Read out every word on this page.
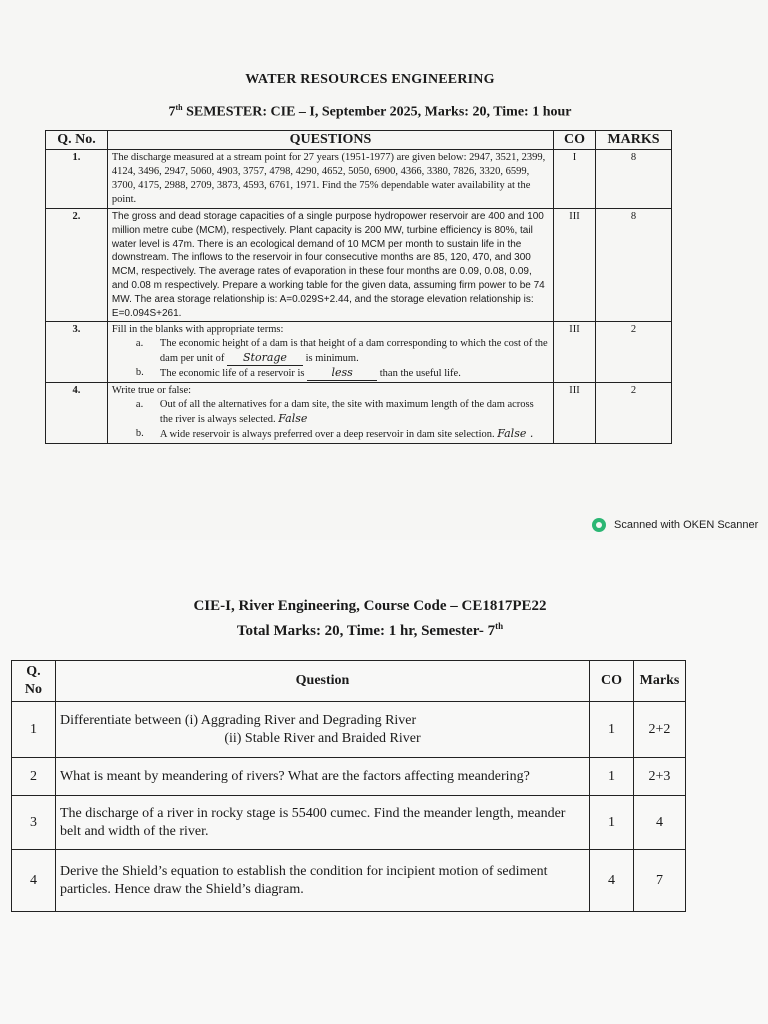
WATER RESOURCES ENGINEERING
7th SEMESTER: CIE – I, September 2025, Marks: 20, Time: 1 hour
Q. No.	QUESTIONS	CO	MARKS
1.	The discharge measured at a stream point for 27 years (1951-1977) are given below: 2947, 3521, 2399, 4124, 3496, 2947, 5060, 4903, 3757, 4798, 4290, 4652, 5050, 6900, 4366, 3380, 7826, 3320, 6599, 3700, 4175, 2988, 2709, 3873, 4593, 6761, 1971. Find the 75% dependable water availability at the point.	I	8
2.	The gross and dead storage capacities of a single purpose hydropower reservoir are 400 and 100 million metre cube (MCM), respectively. Plant capacity is 200 MW, turbine efficiency is 80%, tail water level is 47m. There is an ecological demand of 10 MCM per month to sustain life in the downstream. The inflows to the reservoir in four consecutive months are 85, 120, 470, and 300 MCM, respectively. The average rates of evaporation in these four months are 0.09, 0.08, 0.09, and 0.08 m respectively. Prepare a working table for the given data, assuming firm power to be 74 MW. The area storage relationship is: A=0.029S+2.44, and the storage elevation relationship is: E=0.094S+261.	III	8
3.	Fill in the blanks with appropriate terms:
a. The economic height of a dam is that height of a dam corresponding to which the cost of the dam per unit of Storage is minimum.
b. The economic life of a reservoir is less than the useful life.	III	2
4.	Write true or false:
a. Out of all the alternatives for a dam site, the site with maximum length of the dam across the river is always selected. False
b. A wide reservoir is always preferred over a deep reservoir in dam site selection. False .	III	2
Scanned with OKEN Scanner
CIE-I, River Engineering, Course Code – CE1817PE22
Total Marks: 20, Time: 1 hr, Semester- 7th
Q. No	Question	CO	Marks
1	Differentiate between (i) Aggrading River and Degrading River
(ii) Stable River and Braided River	1	2+2
2	What is meant by meandering of rivers? What are the factors affecting meandering?	1	2+3
3	The discharge of a river in rocky stage is 55400 cumec. Find the meander length, meander belt and width of the river.	1	4
4	Derive the Shield’s equation to establish the condition for incipient motion of sediment particles. Hence draw the Shield’s diagram.	4	7
